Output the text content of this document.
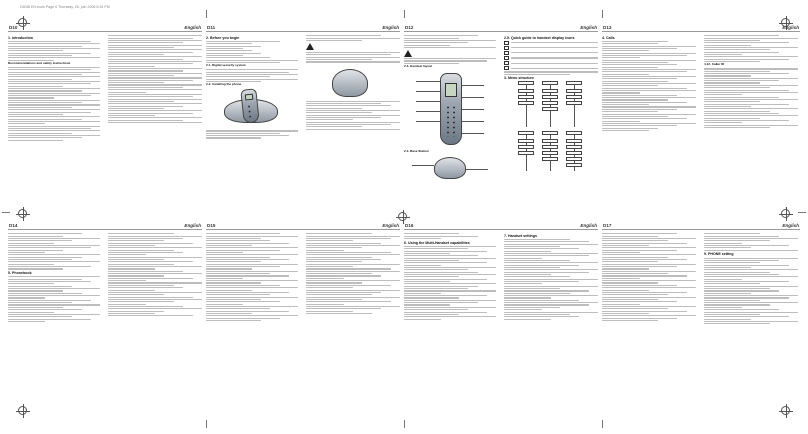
D60IB EN.book Page 6 Thursday, 26. juin 2008 5:34 PM
D10	English
1. Introduction
Recommendations and safety instructions
D11	English
2. Before you begin
2.1. Digital security system
2.2. Installing the phone
D12	English
2.3. Handset layout
2.4. Base Station
2.5. Quick guide to handset display icons
3. Menu structure
D13	English
4. Calls
4.12. Caller ID
D14	English
5. Phonebook
D15	English D16	English
6. Using the Multi-Handset capabilities
7. Handset settings
D17	English
9. PHONE setting
